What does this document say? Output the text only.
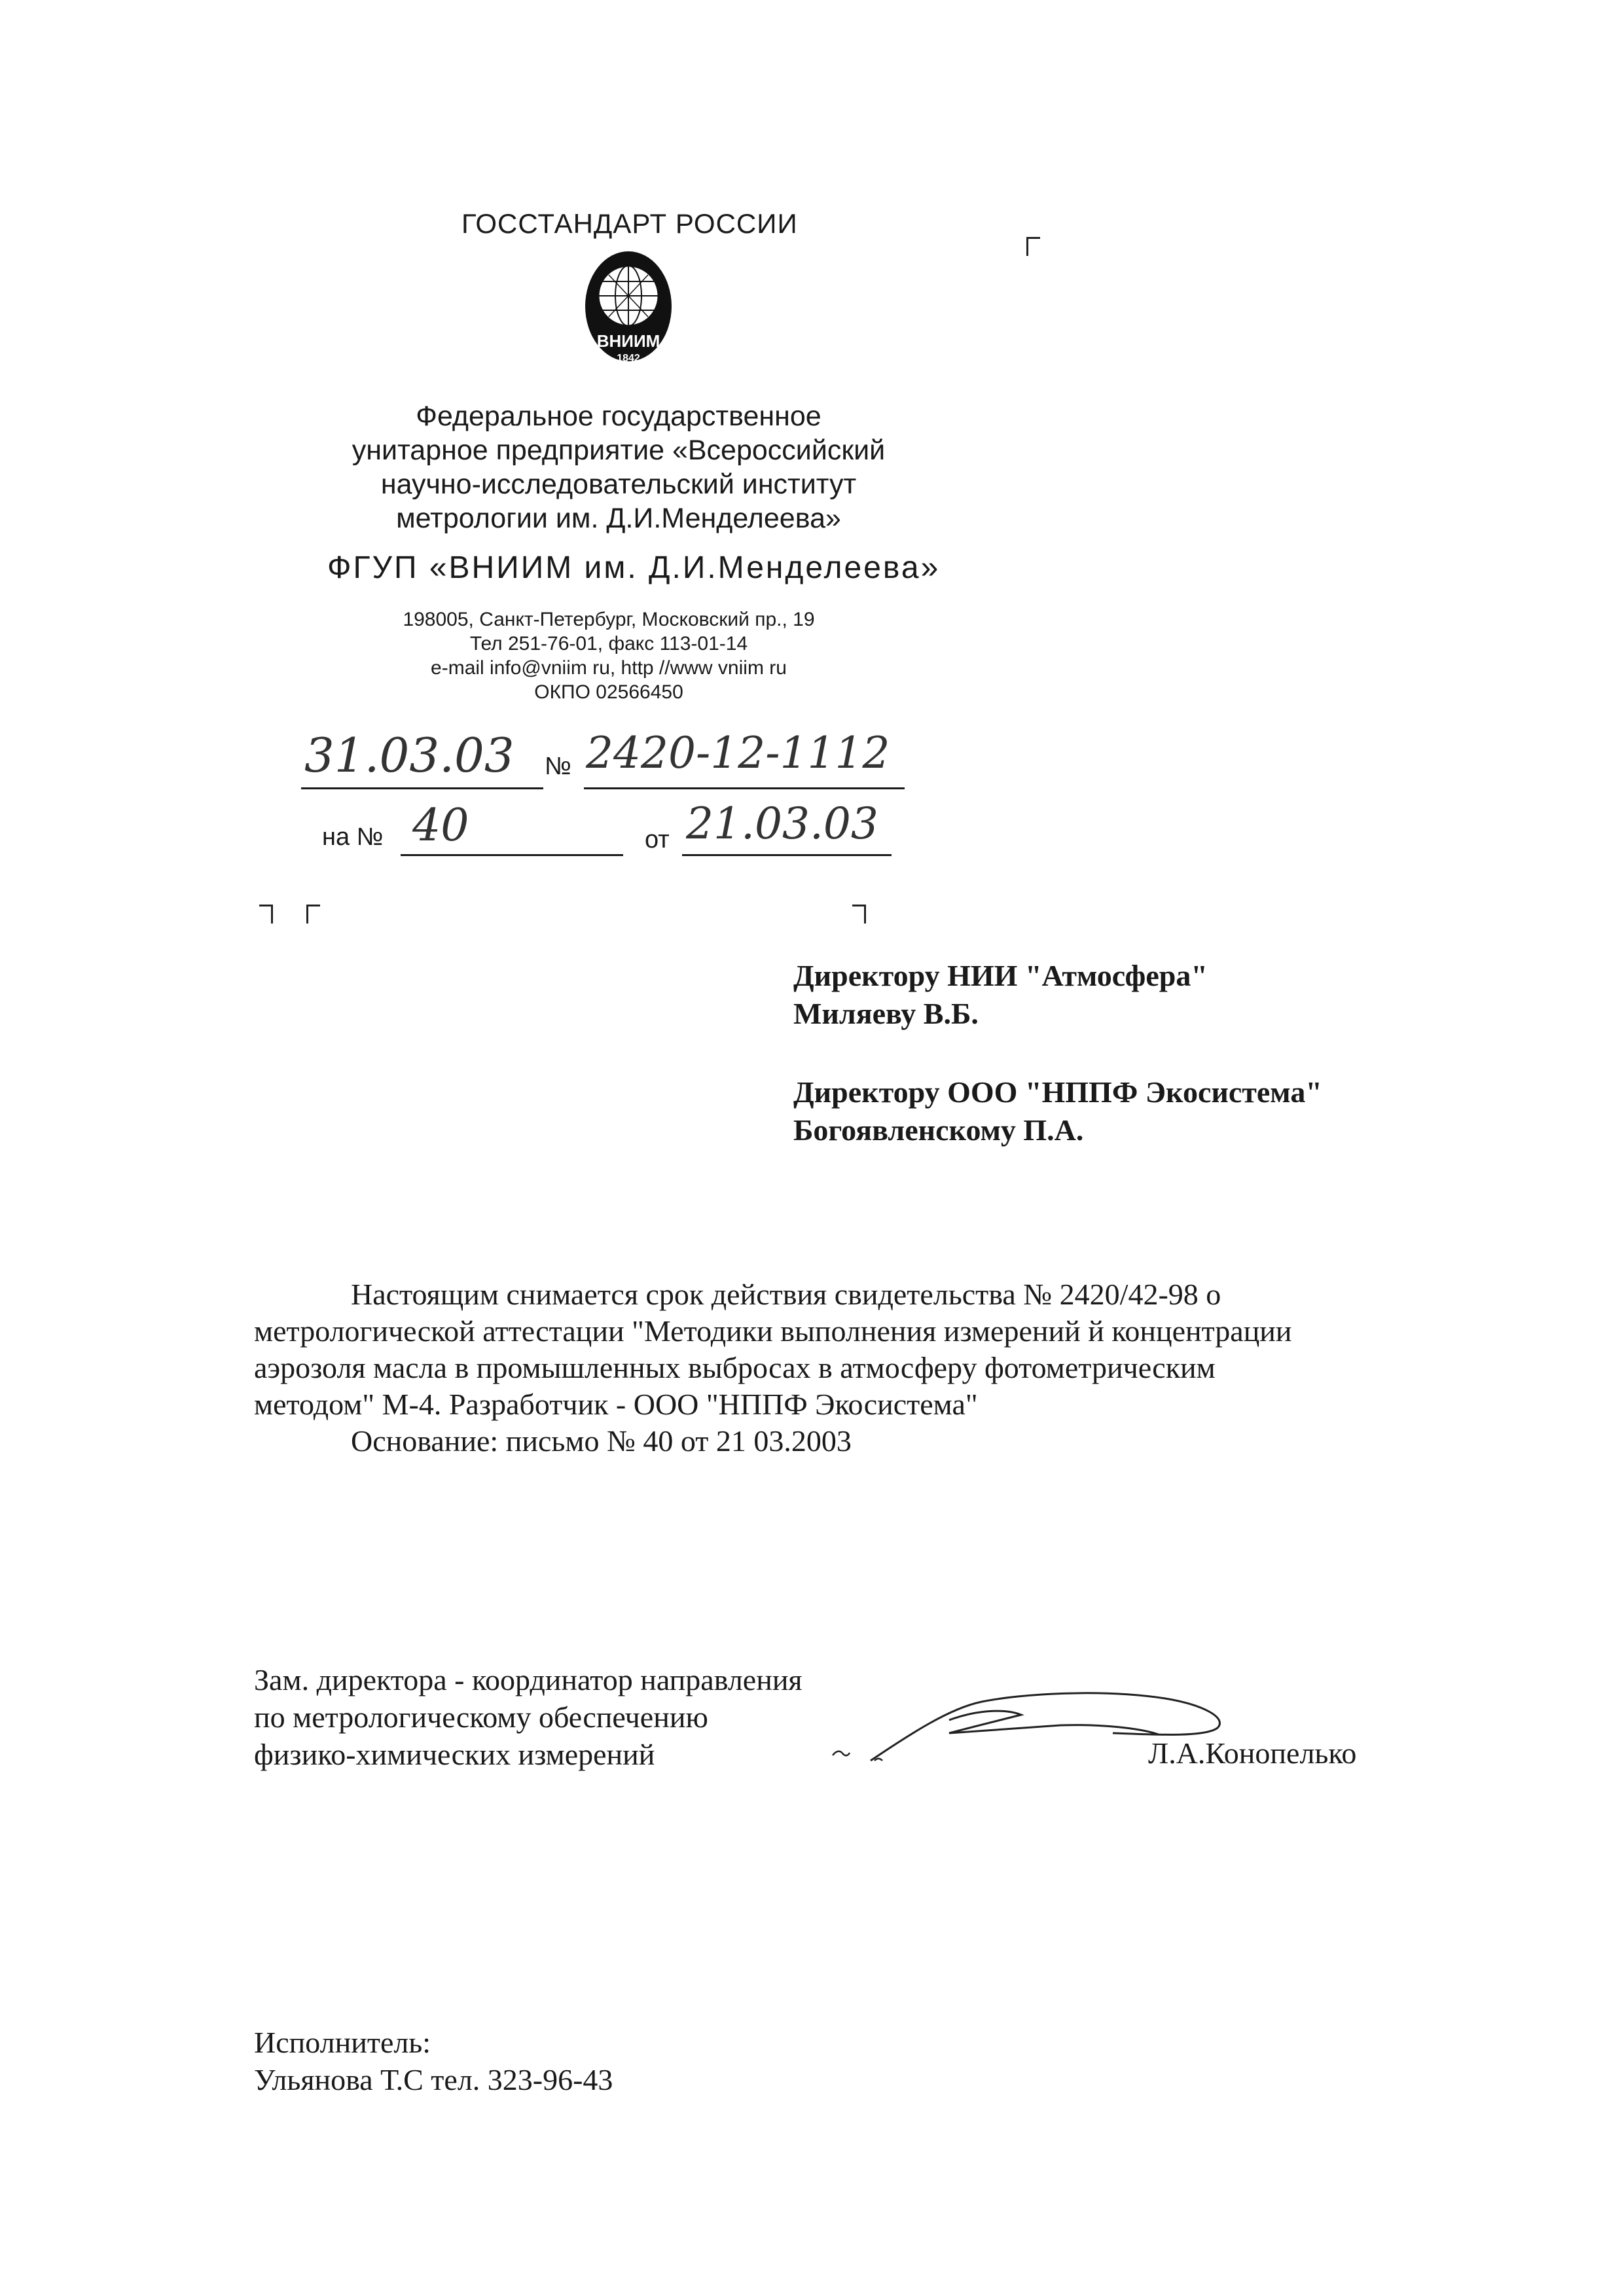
ГОССТАНДАРТ РОССИИ
ВНИИМ
1842
Федеральное государственное
унитарное предприятие «Всероссийский
научно-исследовательский институт
метрологии им. Д.И.Менделеева»
ФГУП «ВНИИМ им. Д.И.Менделеева»
198005, Санкт-Петербург, Московский пр., 19
Тел 251-76-01, факс 113-01-14
e-mail info@vniim ru, http //www vniim ru
ОКПО 02566450
31.03.03 № 2420-12-1112
на № 40	от 21.03.03
Директору НИИ "Атмосфера"
Миляеву В.Б.
Директору ООО "НППФ Экосистема"
Богоявленскому П.А.
Настоящим снимается срок действия свидетельства № 2420/42-98 о
метрологической аттестации "Методики выполнения измерений й концентрации
аэрозоля масла в промышленных выбросах в атмосферу фотометрическим
методом" М-4. Разработчик - ООО "НППФ Экосистема"
Основание: письмо № 40 от 21 03.2003
Зам. директора - координатор направления
по метрологическому обеспечению
физико-химических измерений	Л.А.Конопелько
Исполнитель:
Ульянова Т.С тел. 323-96-43
